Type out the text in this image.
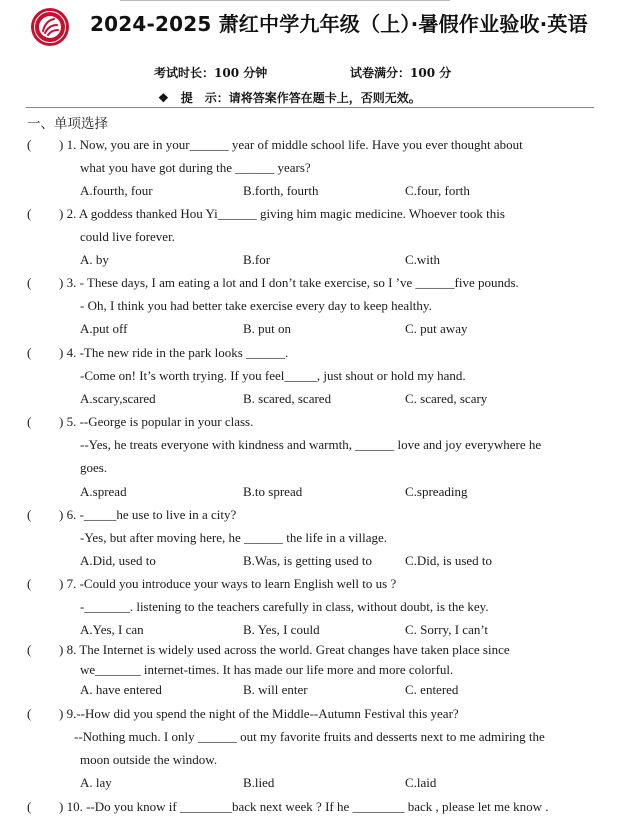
2024-2025 萧红中学九年级（上）·暑假作业验收·英语
考试时长：100 分钟	试卷满分：100 分
❖ 提　示：请将答案作答在题卡上，否则无效。
一、单项选择
( ) 1. Now, you are in your______ year of middle school life. Have you ever thought about
what you have got during the ______ years?
A.fourth, four	B.forth, fourth	C.four, forth
( ) 2. A goddess thanked Hou Yi______ giving him magic medicine. Whoever took this
could live forever.
A. by	B.for	C.with
( ) 3. - These days, I am eating a lot and I don’t take exercise, so I ’ve ______five pounds.
- Oh, I think you had better take exercise every day to keep healthy.
A.put off	B. put on	C. put away
( ) 4. -The new ride in the park looks ______.
-Come on! It’s worth trying. If you feel_____, just shout or hold my hand.
A.scary,scared	B. scared, scared	C. scared, scary
( ) 5. --George is popular in your class.
--Yes, he treats everyone with kindness and warmth, ______ love and joy everywhere he
goes.
A.spread	B.to spread	C.spreading
( ) 6. -_____he use to live in a city?
-Yes, but after moving here, he ______ the life in a village.
A.Did, used to	B.Was, is getting used to	C.Did, is used to
( ) 7. -Could you introduce your ways to learn English well to us ?
-_______. listening to the teachers carefully in class, without doubt, is the key.
A.Yes, I can	B. Yes, I could	C. Sorry, I can’t
( ) 8. The Internet is widely used across the world. Great changes have taken place since
we_______ internet-times. It has made our life more and more colorful.
A. have entered	B. will enter	C. entered
( ) 9.--How did you spend the night of the Middle--Autumn Festival this year?
--Nothing much. I only ______ out my favorite fruits and desserts next to me admiring the
moon outside the window.
A. lay	B.lied	C.laid
( ) 10. --Do you know if ________back next week ? If he ________ back , please let me know .
